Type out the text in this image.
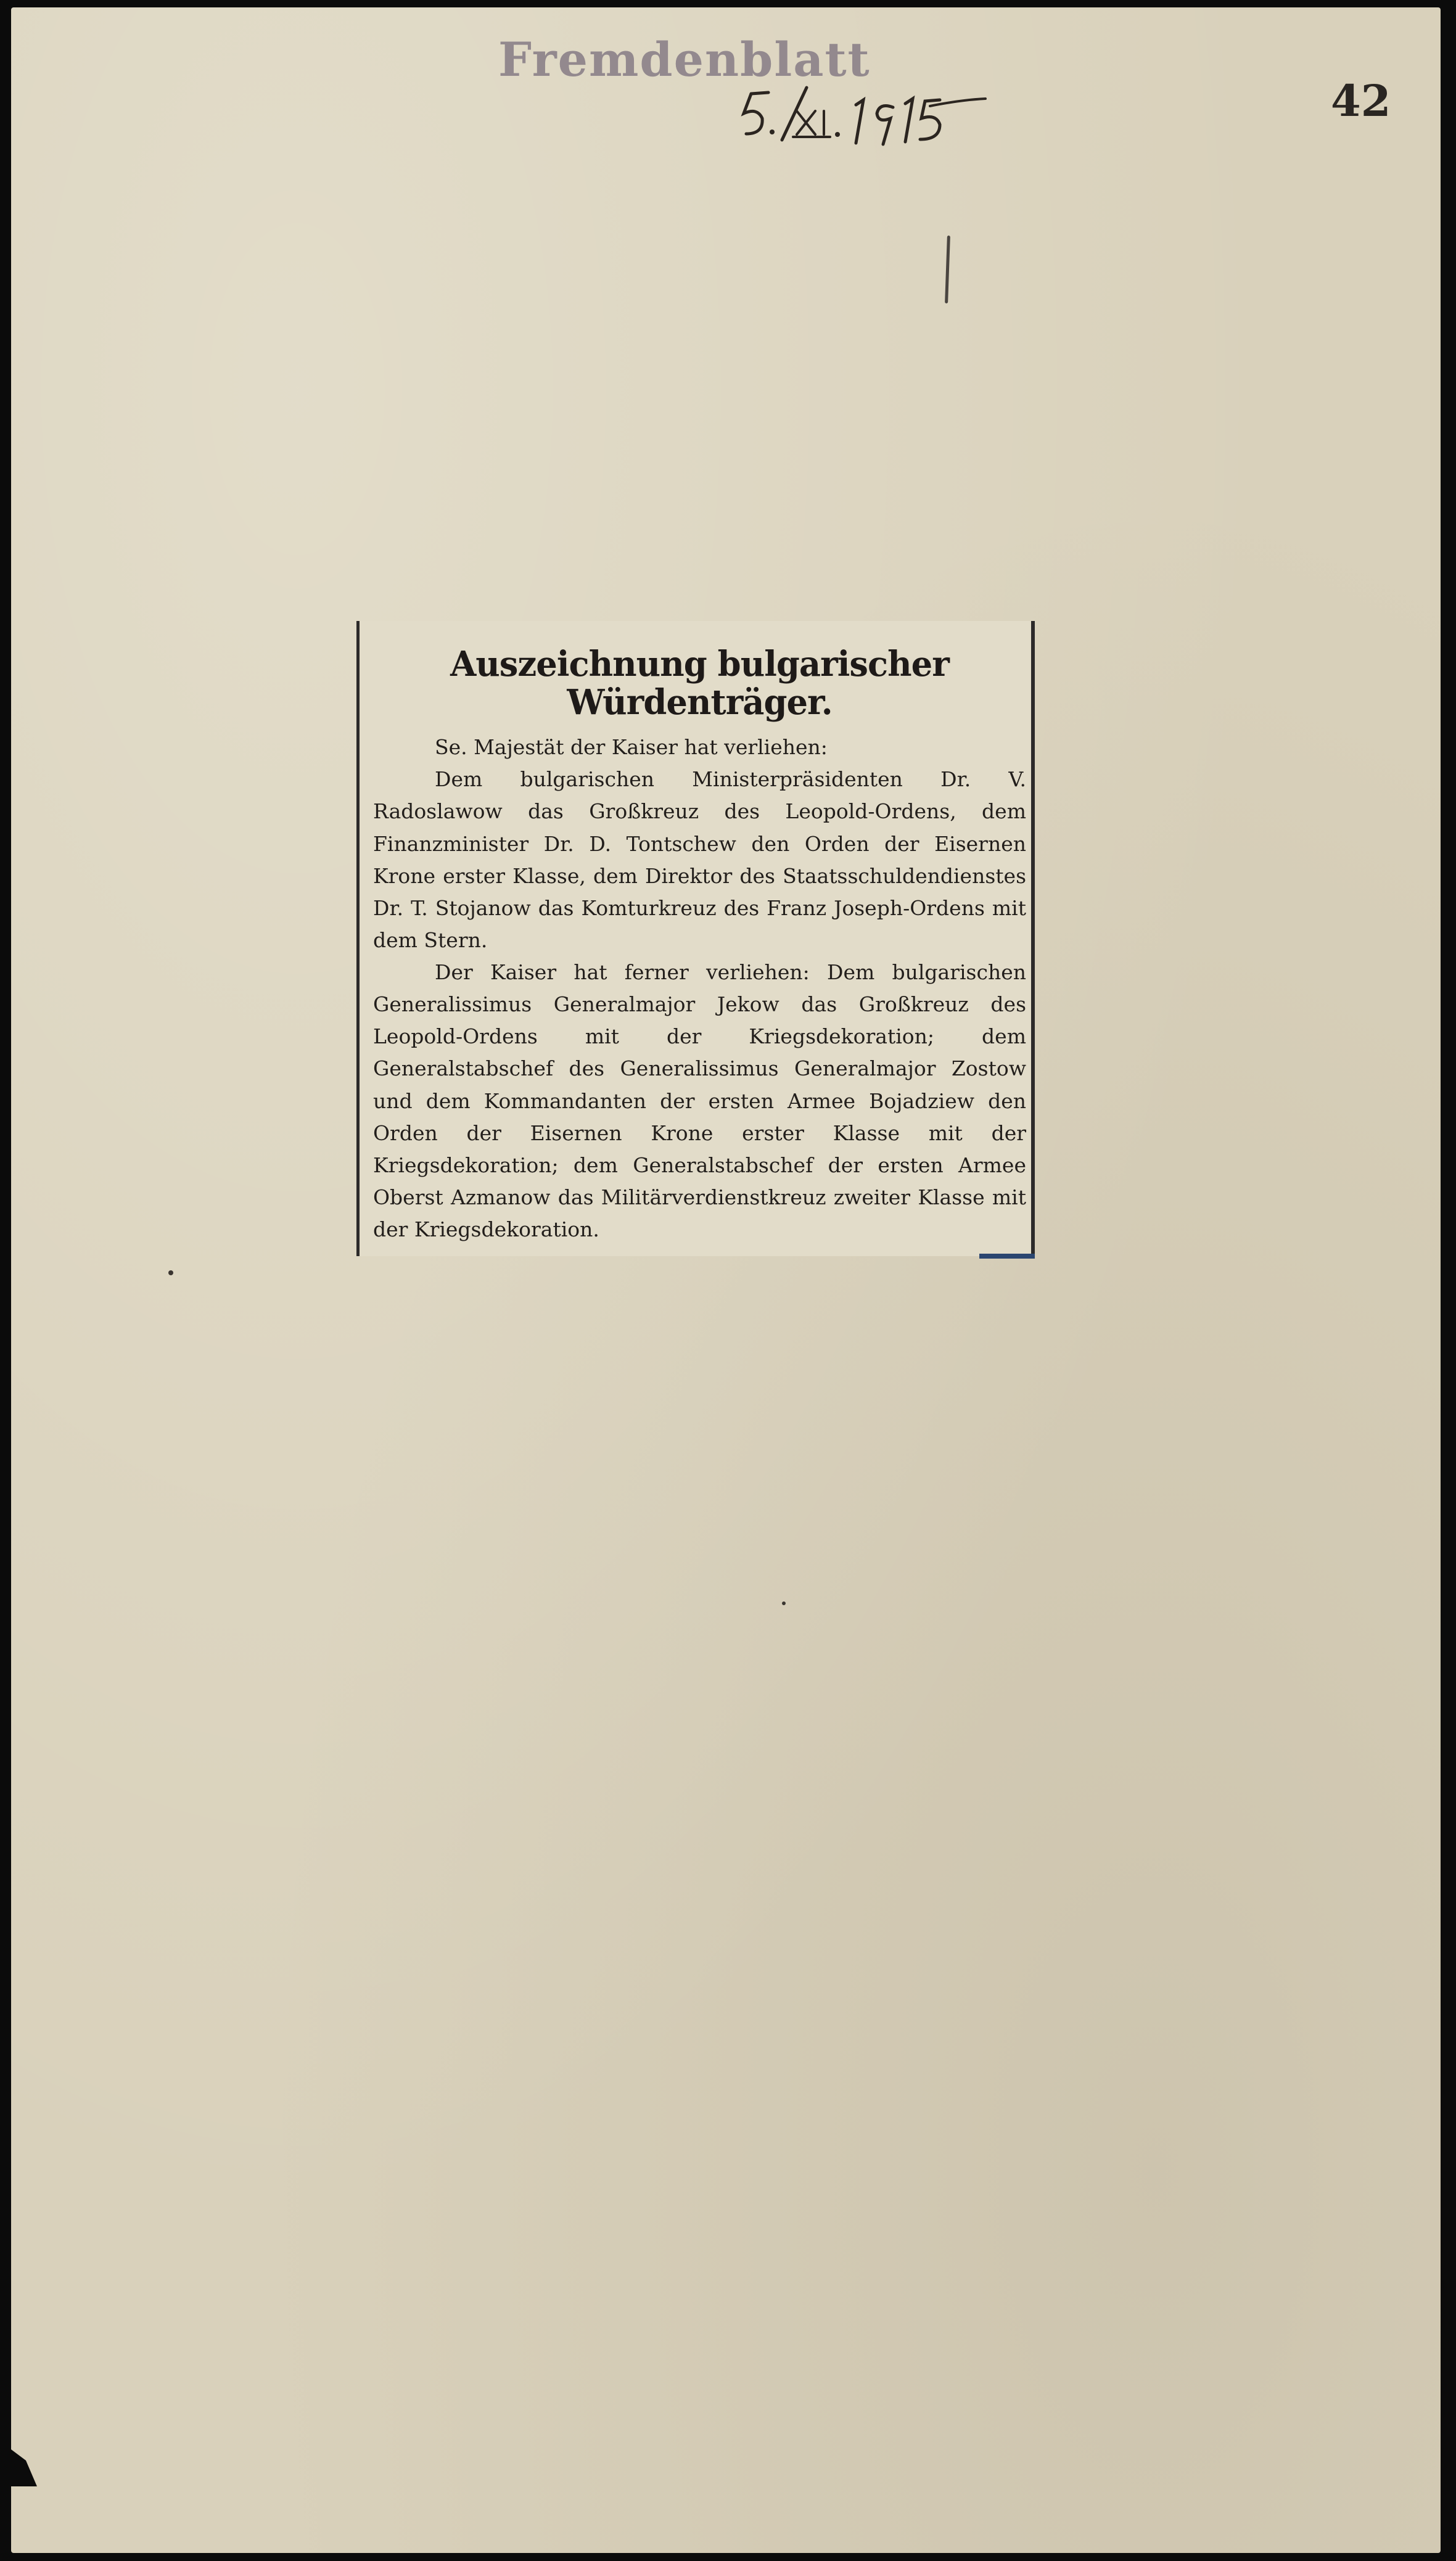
Fremdenblatt
42
Auszeichnung bulgarischer Würdenträger.

Se. Majestät der Kaiser hat verliehen:

Dem bulgarischen Ministerpräsidenten Dr. V. Radoslawow das Großkreuz des Leopold-Ordens, dem Finanzminister Dr. D. Tontschew den Orden der Eisernen Krone erster Klasse, dem Direktor des Staatsschuldendienstes Dr. T. Stojanow das Komturkreuz des Franz Joseph-Ordens mit dem Stern.

Der Kaiser hat ferner verliehen: Dem bulgarischen Generalissimus Generalmajor Jekow das Großkreuz des Leopold-Ordens mit der Kriegsdekoration; dem Generalstabschef des Generalissimus Generalmajor Zostow und dem Kommandanten der ersten Armee Bojadziew den Orden der Eisernen Krone erster Klasse mit der Kriegsdekoration; dem Generalstabschef der ersten Armee Oberst Azmanow das Militärverdienstkreuz zweiter Klasse mit der Kriegsdekoration.
